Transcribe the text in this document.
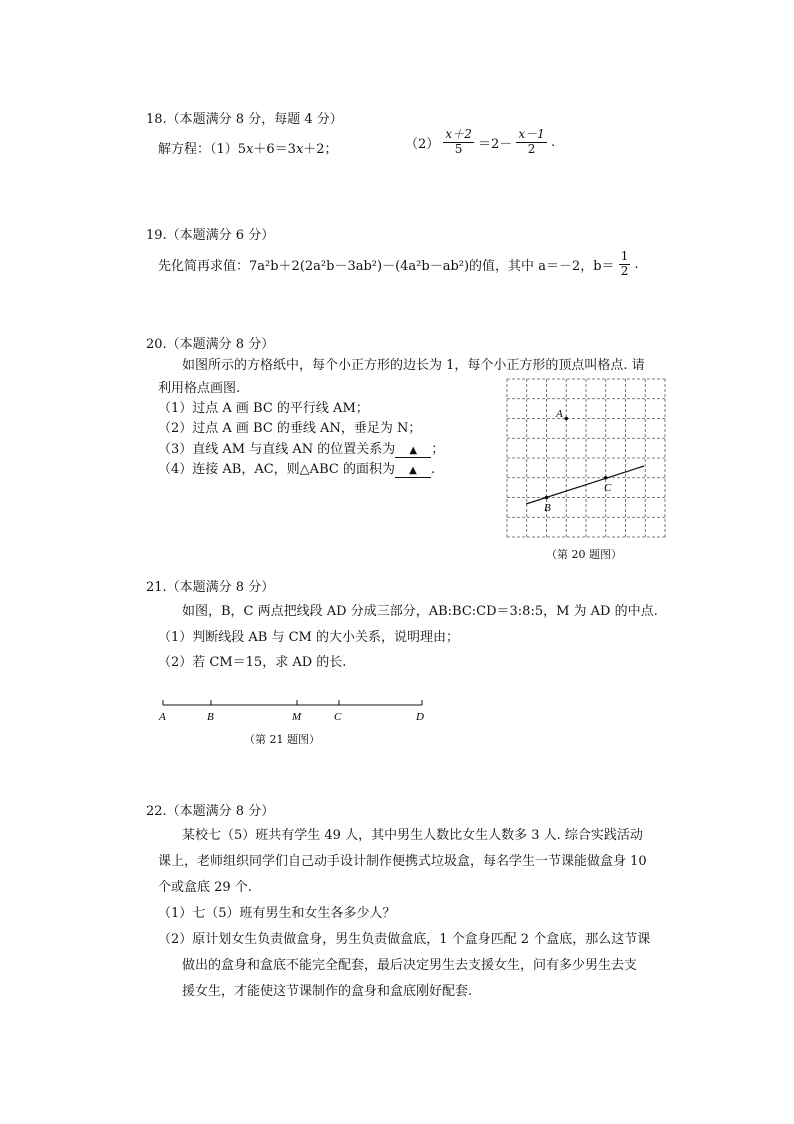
18.（本题满分 8 分，每题 4 分）
解方程：（1）5x＋6＝3x＋2；	$(2) \frac{x+2}{5} =2- \frac{x-1}{2}$ .
19.（本题满分 6 分）
先化简再求值：7a²b＋2(2a²b－3ab²)－(4a²b－ab²)的值，其中 a＝－2，$b= \frac{1}{2}$ .
20.（本题满分 8 分）
如图所示的方格纸中，每个小正方形的边长为 1，每个小正方形的顶点叫格点. 请
利用格点画图.
（1）过点 A 画 BC 的平行线 AM；
（2）过点 A 画 BC 的垂线 AN，垂足为 N；
（3）直线 AM 与直线 AN 的位置关系为 ▲ ；
（4）连接 AB，AC，则△ABC 的面积为 ▲ .
A
B
C
（第 20 题图）
21.（本题满分 8 分）
如图，B，C 两点把线段 AD 分成三部分，AB:BC:CD＝3:8:5，M 为 AD 的中点.
（1）判断线段 AB 与 CM 的大小关系，说明理由；
（2）若 CM＝15，求 AD 的长.
A	B	M	C	D
（第 21 题图）
22.（本题满分 8 分）
某校七（5）班共有学生 49 人，其中男生人数比女生人数多 3 人. 综合实践活动
课上，老师组织同学们自己动手设计制作便携式垃圾盒，每名学生一节课能做盒身 10
个或盒底 29 个.
（1）七（5）班有男生和女生各多少人？
（2）原计划女生负责做盒身，男生负责做盒底，1 个盒身匹配 2 个盒底，那么这节课
做出的盒身和盒底不能完全配套，最后决定男生去支援女生，问有多少男生去支
援女生，才能使这节课制作的盒身和盒底刚好配套.
